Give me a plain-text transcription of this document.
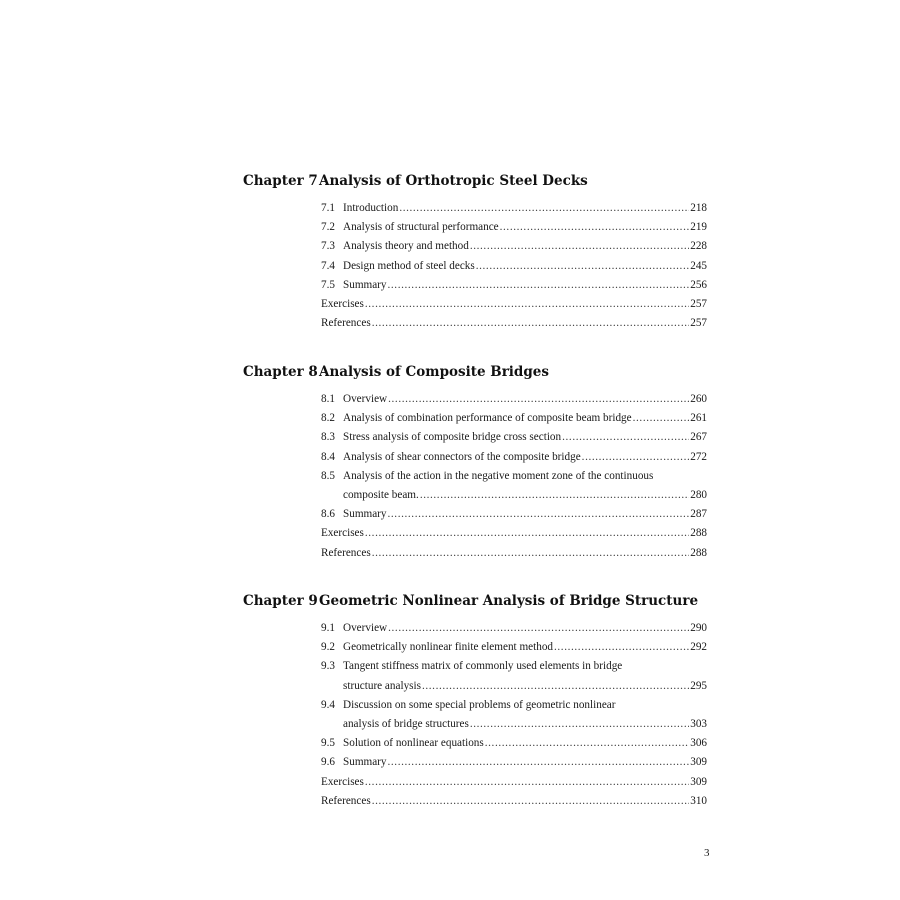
Chapter 7Analysis of Orthotropic Steel Decks
7.1 Introduction .....	218
7.2 Analysis of structural performance .....	219
7.3 Analysis theory and method .....	228
7.4 Design method of steel decks .....	245
7.5 Summary .....	256
Exercises .....	257
References .....	257
Chapter 8Analysis of Composite Bridges
8.1 Overview .....	260
8.2 Analysis of combination performance of composite beam bridge .....	261
8.3 Stress analysis of composite bridge cross section .....	267
8.4 Analysis of shear connectors of the composite bridge .....	272
8.5 Analysis of the action in the negative moment zone of the continuous
composite beam. .....	280
8.6 Summary .....	287
Exercises .....	288
References .....	288
Chapter 9Geometric Nonlinear Analysis of Bridge Structure
9.1 Overview .....	290
9.2 Geometrically nonlinear finite element method .....	292
9.3 Tangent stiffness matrix of commonly used elements in bridge
structure analysis .....	295
9.4 Discussion on some special problems of geometric nonlinear
analysis of bridge structures .....	303
9.5 Solution of nonlinear equations .....	306
9.6 Summary .....	309
Exercises .....	309
References .....	310
3
